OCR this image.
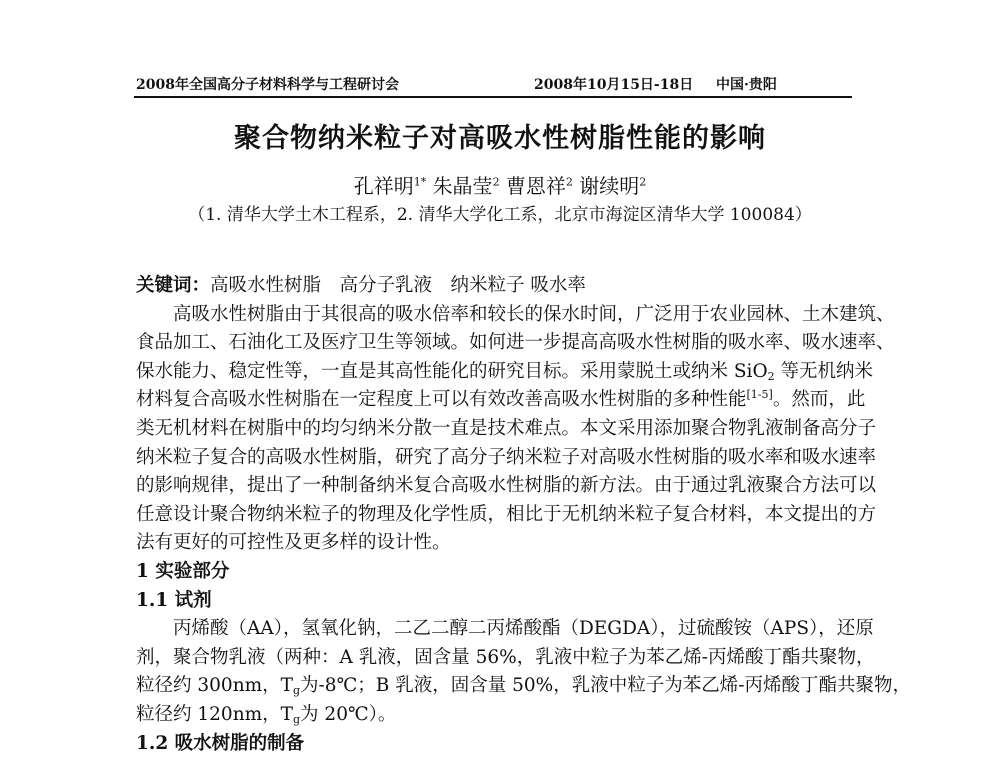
2008年全国高分子材料科学与工程研讨会	2008年10月15日-18日 中国·贵阳
聚合物纳米粒子对高吸水性树脂性能的影响
孔祥明$^{1*}$ 朱晶莹$^2$ 曹恩祥$^2$ 谢续明$^2$
（1. 清华大学土木工程系，2. 清华大学化工系，北京市海淀区清华大学 100084）
关键词：高吸水性树脂　高分子乳液　纳米粒子 吸水率
高吸水性树脂由于其很高的吸水倍率和较长的保水时间，广泛用于农业园林、土木建筑、
食品加工、石油化工及医疗卫生等领域。如何进一步提高高吸水性树脂的吸水率、吸水速率、
保水能力、稳定性等，一直是其高性能化的研究目标。采用蒙脱土或纳米 SiO$_2$ 等无机纳米
材料复合高吸水性树脂在一定程度上可以有效改善高吸水性树脂的多种性能[1-5]。然而，此
类无机材料在树脂中的均匀纳米分散一直是技术难点。本文采用添加聚合物乳液制备高分子
纳米粒子复合的高吸水性树脂，研究了高分子纳米粒子对高吸水性树脂的吸水率和吸水速率
的影响规律，提出了一种制备纳米复合高吸水性树脂的新方法。由于通过乳液聚合方法可以
任意设计聚合物纳米粒子的物理及化学性质，相比于无机纳米粒子复合材料，本文提出的方
法有更好的可控性及更多样的设计性。
1 实验部分
1.1 试剂
丙烯酸（AA），氢氧化钠，二乙二醇二丙烯酸酯（DEGDA），过硫酸铵（APS），还原
剂，聚合物乳液（两种：A 乳液，固含量 56%，乳液中粒子为苯乙烯-丙烯酸丁酯共聚物，
粒径约 300nm，$T_g$为-8℃；B 乳液，固含量 50%，乳液中粒子为苯乙烯-丙烯酸丁酯共聚物，
粒径约 120nm，$T_g$为 20℃）。
1.2 吸水树脂的制备
